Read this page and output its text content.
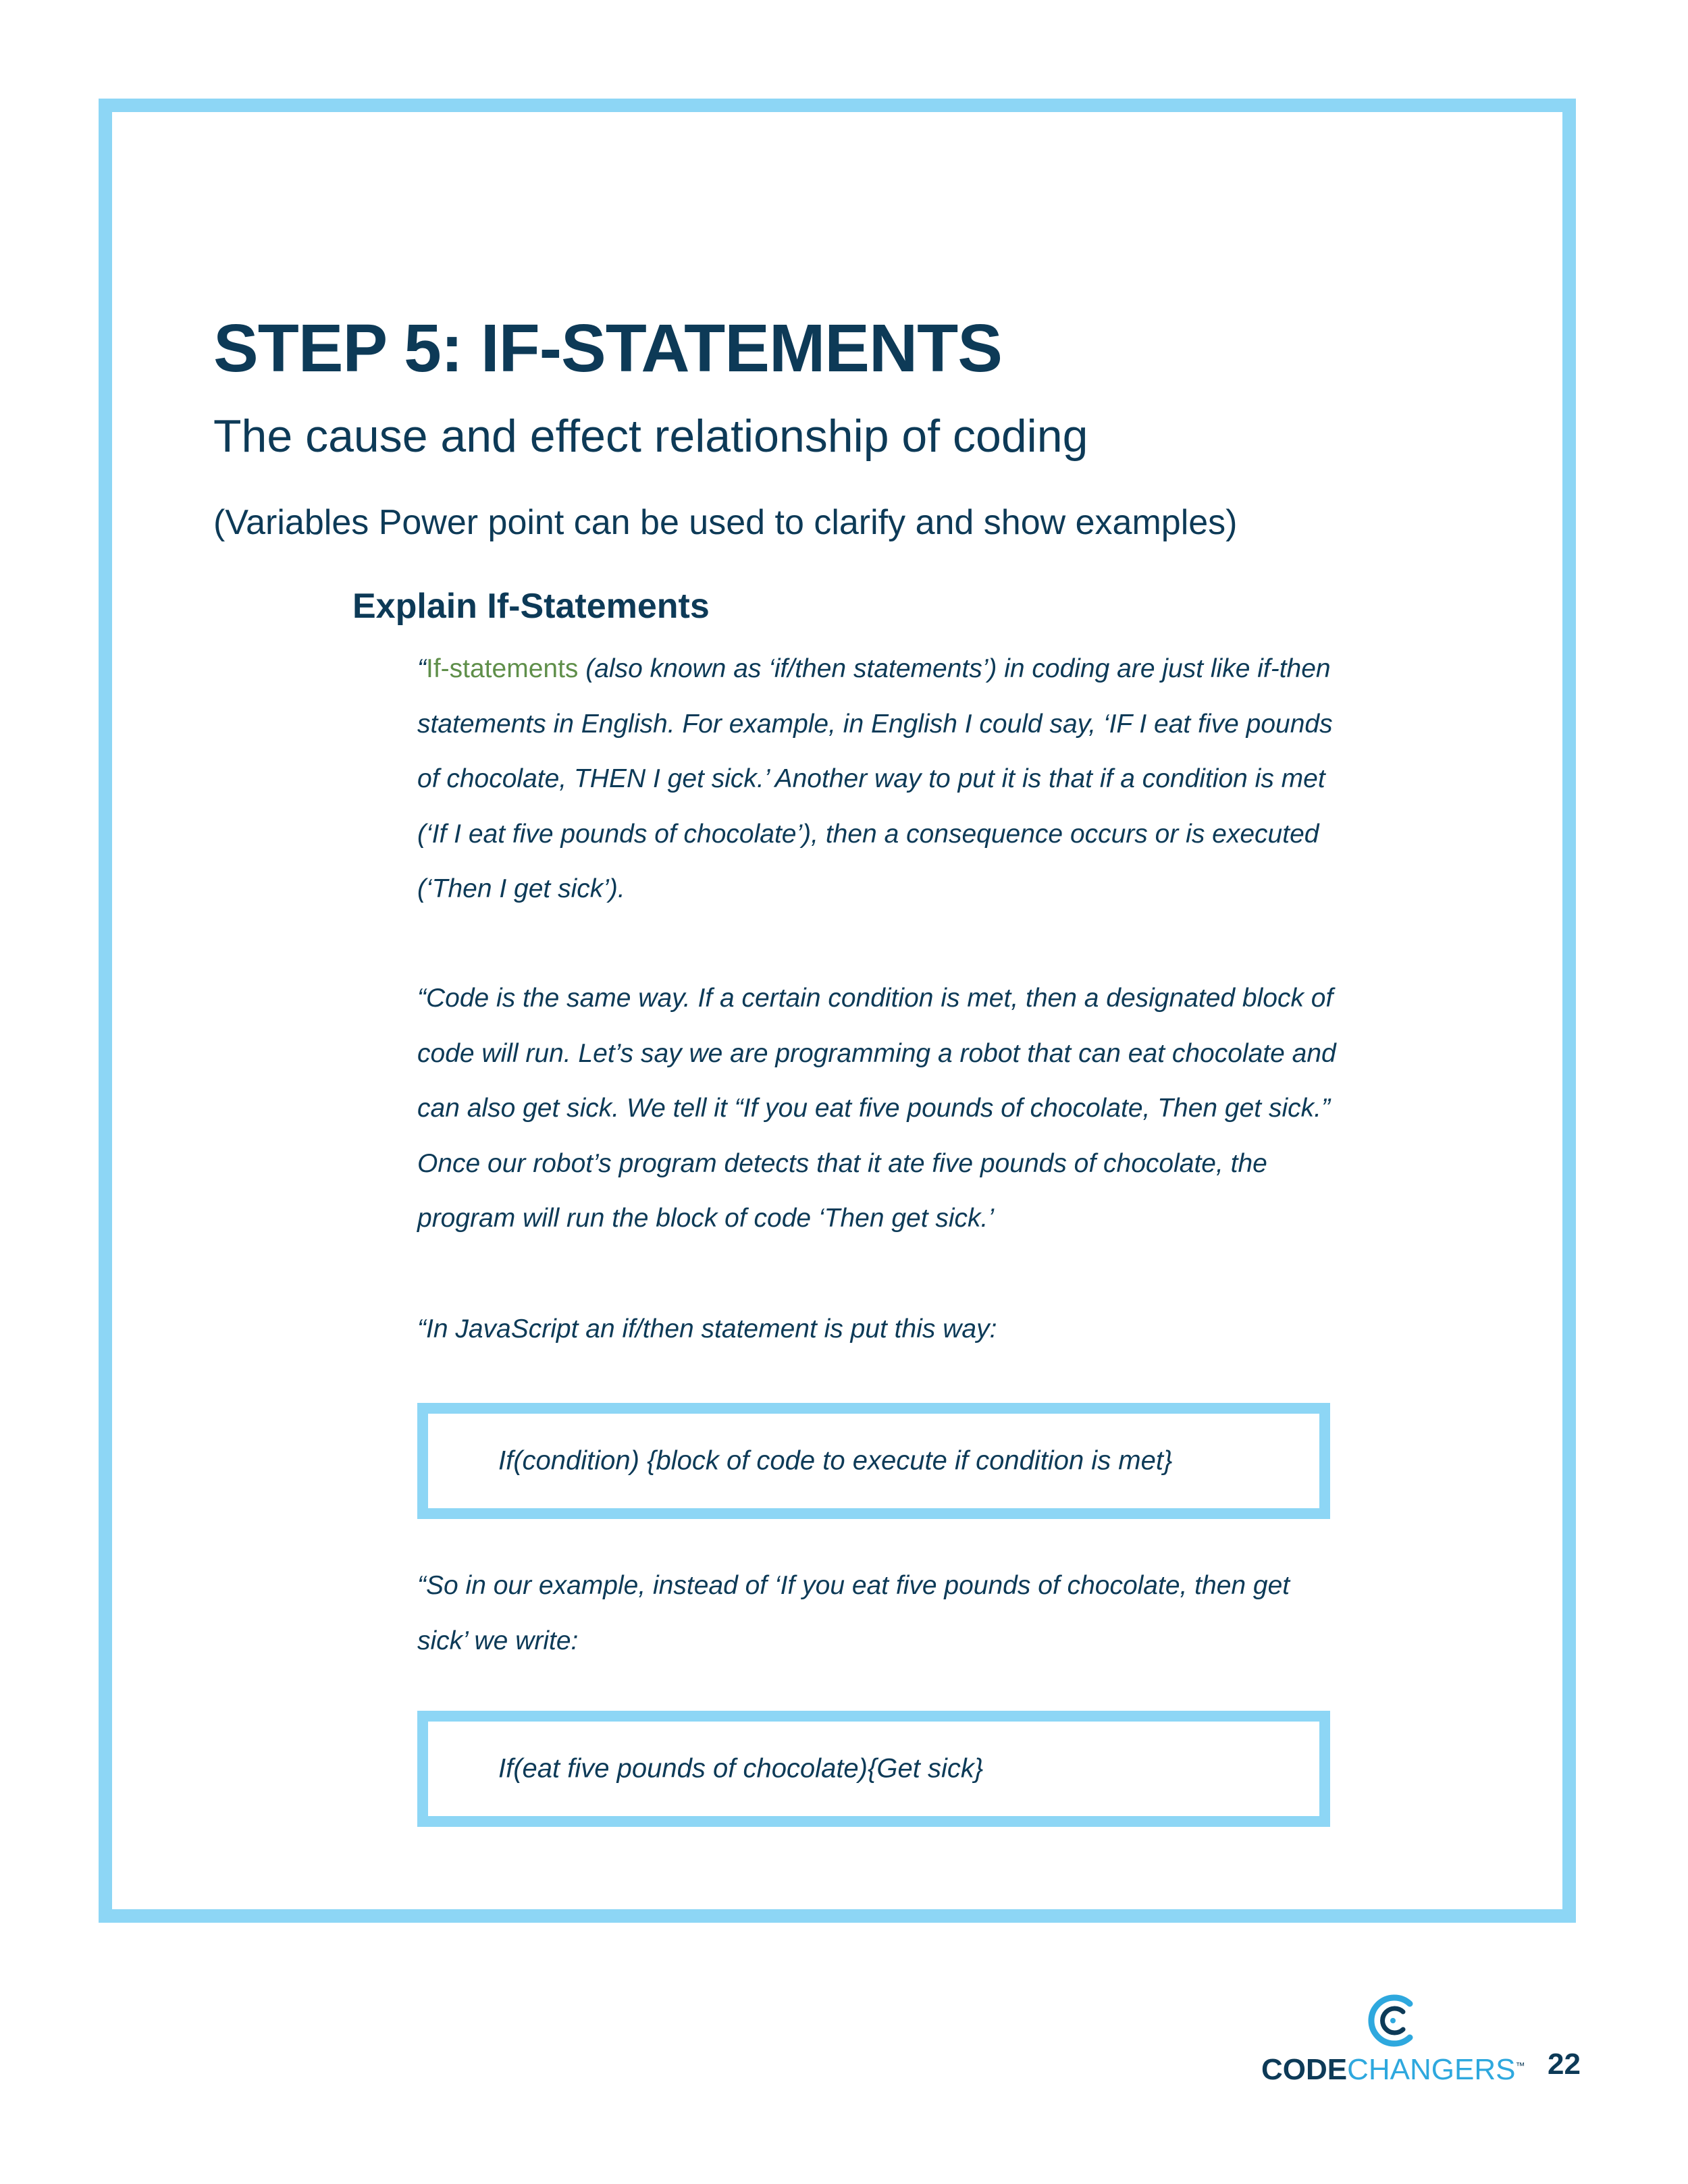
STEP 5: IF-STATEMENTS
The cause and effect relationship of coding

(Variables Power point can be used to clarify and show examples)

Explain If-Statements

“If-statements (also known as ‘if/then statements’) in coding are just like if-then statements in English. For example, in English I could say, ‘IF I eat five pounds of chocolate, THEN I get sick.’ Another way to put it is that if a condition is met (‘If I eat five pounds of chocolate’), then a consequence occurs or is executed (‘Then I get sick’).

“Code is the same way. If a certain condition is met, then a designated block of code will run. Let’s say we are programming a robot that can eat chocolate and can also get sick. We tell it “If you eat five pounds of chocolate, Then get sick.” Once our robot’s program detects that it ate five pounds of chocolate, the program will run the block of code ‘Then get sick.’

“In JavaScript an if/then statement is put this way:

If(condition) {block of code to execute if condition is met}

“So in our example, instead of ‘If you eat five pounds of chocolate, then get sick’ we write:

If(eat five pounds of chocolate){Get sick}
CODECHANGERS™ 22
